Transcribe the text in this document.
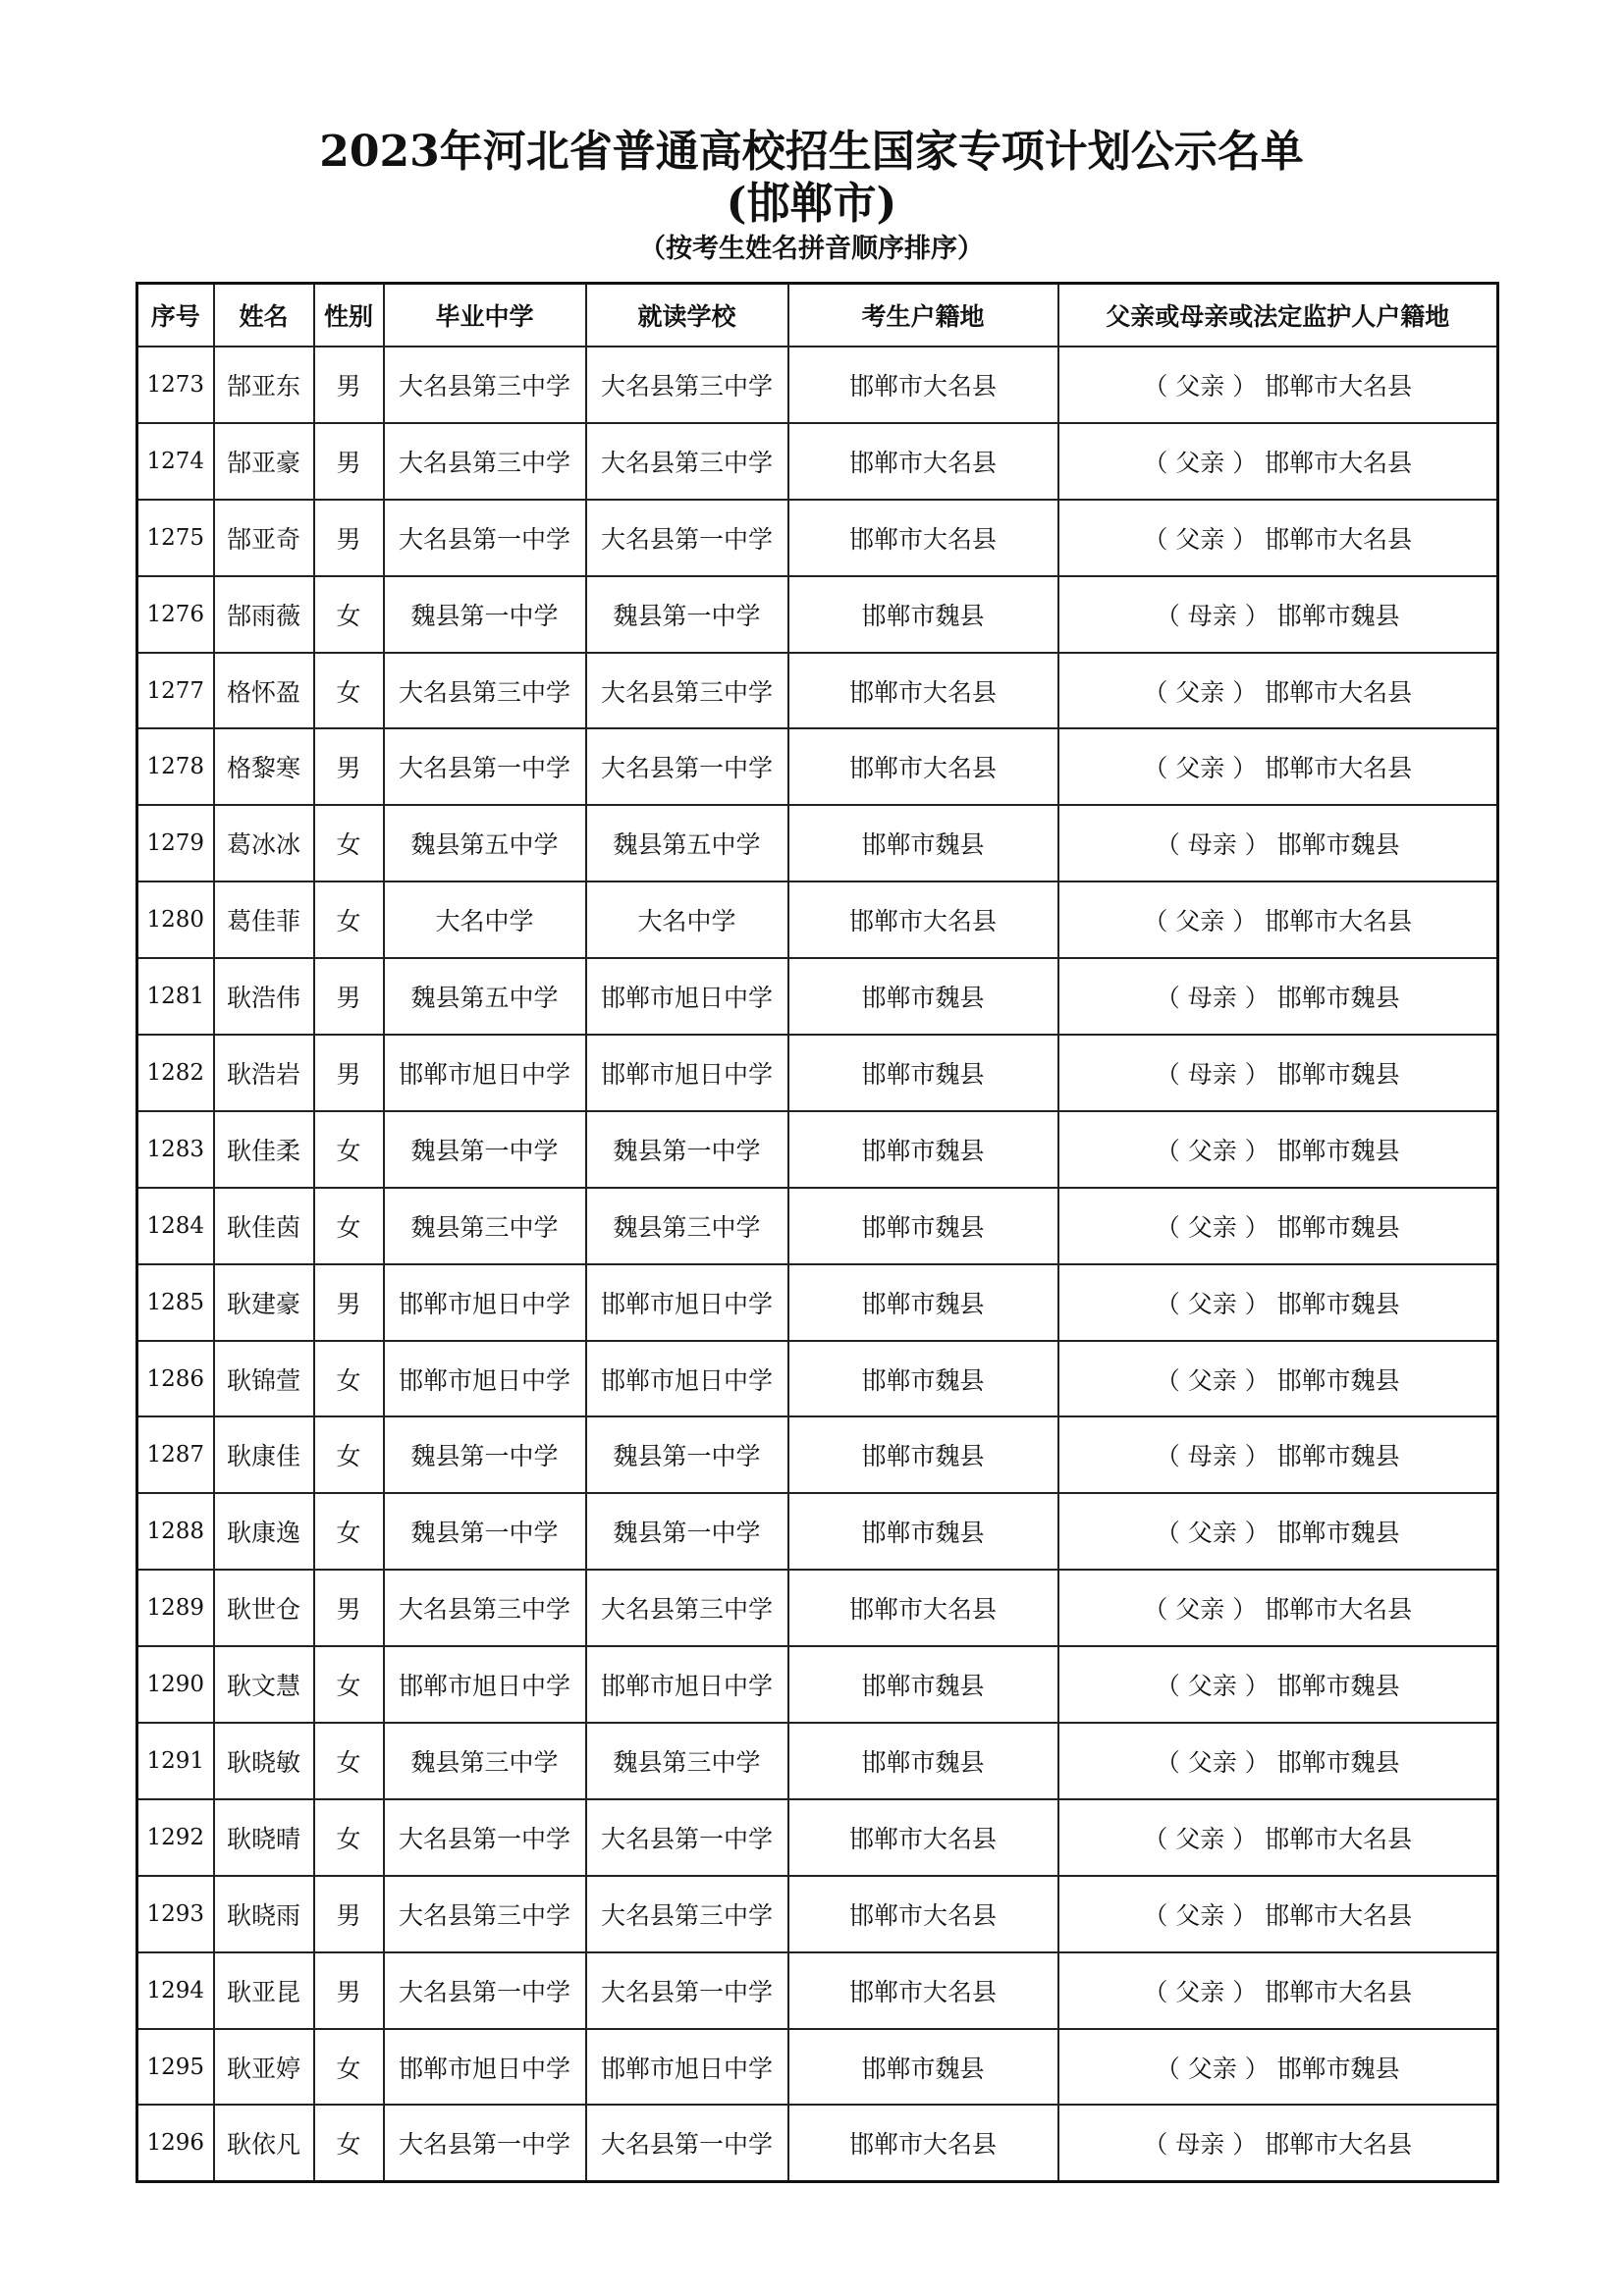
2023年河北省普通高校招生国家专项计划公示名单

(邯郸市)

（按考生姓名拼音顺序排序）

序号	姓名	性别	毕业中学	就读学校	考生户籍地	父亲或母亲或法定监护人户籍地
1273	郜亚东	男	大名县第三中学	大名县第三中学	邯郸市大名县	（ 父亲 ） 邯郸市大名县
1274	郜亚豪	男	大名县第三中学	大名县第三中学	邯郸市大名县	（ 父亲 ） 邯郸市大名县
1275	郜亚奇	男	大名县第一中学	大名县第一中学	邯郸市大名县	（ 父亲 ） 邯郸市大名县
1276	郜雨薇	女	魏县第一中学	魏县第一中学	邯郸市魏县	（ 母亲 ） 邯郸市魏县
1277	格怀盈	女	大名县第三中学	大名县第三中学	邯郸市大名县	（ 父亲 ） 邯郸市大名县
1278	格黎寒	男	大名县第一中学	大名县第一中学	邯郸市大名县	（ 父亲 ） 邯郸市大名县
1279	葛冰冰	女	魏县第五中学	魏县第五中学	邯郸市魏县	（ 母亲 ） 邯郸市魏县
1280	葛佳菲	女	大名中学	大名中学	邯郸市大名县	（ 父亲 ） 邯郸市大名县
1281	耿浩伟	男	魏县第五中学	邯郸市旭日中学	邯郸市魏县	（ 母亲 ） 邯郸市魏县
1282	耿浩岩	男	邯郸市旭日中学	邯郸市旭日中学	邯郸市魏县	（ 母亲 ） 邯郸市魏县
1283	耿佳柔	女	魏县第一中学	魏县第一中学	邯郸市魏县	（ 父亲 ） 邯郸市魏县
1284	耿佳茵	女	魏县第三中学	魏县第三中学	邯郸市魏县	（ 父亲 ） 邯郸市魏县
1285	耿建豪	男	邯郸市旭日中学	邯郸市旭日中学	邯郸市魏县	（ 父亲 ） 邯郸市魏县
1286	耿锦萱	女	邯郸市旭日中学	邯郸市旭日中学	邯郸市魏县	（ 父亲 ） 邯郸市魏县
1287	耿康佳	女	魏县第一中学	魏县第一中学	邯郸市魏县	（ 母亲 ） 邯郸市魏县
1288	耿康逸	女	魏县第一中学	魏县第一中学	邯郸市魏县	（ 父亲 ） 邯郸市魏县
1289	耿世仓	男	大名县第三中学	大名县第三中学	邯郸市大名县	（ 父亲 ） 邯郸市大名县
1290	耿文慧	女	邯郸市旭日中学	邯郸市旭日中学	邯郸市魏县	（ 父亲 ） 邯郸市魏县
1291	耿晓敏	女	魏县第三中学	魏县第三中学	邯郸市魏县	（ 父亲 ） 邯郸市魏县
1292	耿晓晴	女	大名县第一中学	大名县第一中学	邯郸市大名县	（ 父亲 ） 邯郸市大名县
1293	耿晓雨	男	大名县第三中学	大名县第三中学	邯郸市大名县	（ 父亲 ） 邯郸市大名县
1294	耿亚昆	男	大名县第一中学	大名县第一中学	邯郸市大名县	（ 父亲 ） 邯郸市大名县
1295	耿亚婷	女	邯郸市旭日中学	邯郸市旭日中学	邯郸市魏县	（ 父亲 ） 邯郸市魏县
1296	耿依凡	女	大名县第一中学	大名县第一中学	邯郸市大名县	（ 母亲 ） 邯郸市大名县
